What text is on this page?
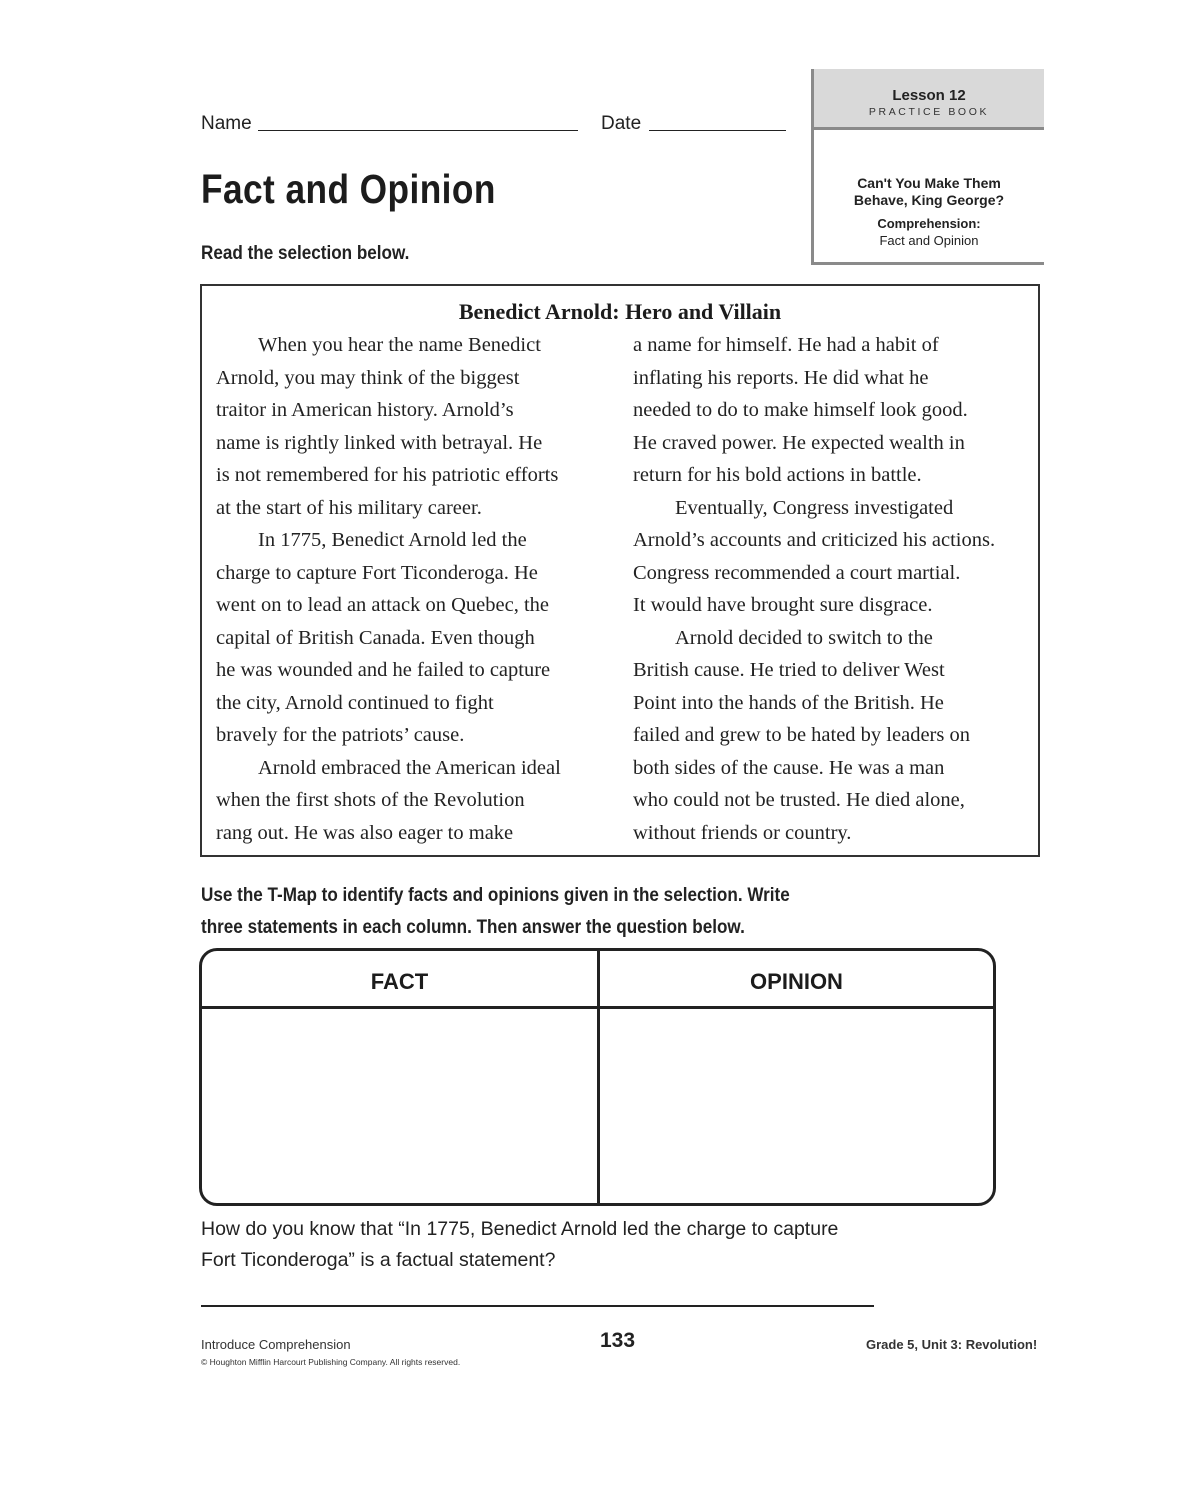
Name	Date
Lesson 12
PRACTICE BOOK
Can't You Make Them
Behave, King George?
Comprehension:
Fact and Opinion
Fact and Opinion
Read the selection below.
Benedict Arnold: Hero and Villain
When you hear the name Benedict
Arnold, you may think of the biggest
traitor in American history. Arnold’s
name is rightly linked with betrayal. He
is not remembered for his patriotic efforts
at the start of his military career.
In 1775, Benedict Arnold led the
charge to capture Fort Ticonderoga. He
went on to lead an attack on Quebec, the
capital of British Canada. Even though
he was wounded and he failed to capture
the city, Arnold continued to fight
bravely for the patriots’ cause.
Arnold embraced the American ideal
when the first shots of the Revolution
rang out. He was also eager to make
a name for himself. He had a habit of
inflating his reports. He did what he
needed to do to make himself look good.
He craved power. He expected wealth in
return for his bold actions in battle.
Eventually, Congress investigated
Arnold’s accounts and criticized his actions.
Congress recommended a court martial.
It would have brought sure disgrace.
Arnold decided to switch to the
British cause. He tried to deliver West
Point into the hands of the British. He
failed and grew to be hated by leaders on
both sides of the cause. He was a man
who could not be trusted. He died alone,
without friends or country.
Use the T-Map to identify facts and opinions given in the selection. Write
three statements in each column. Then answer the question below.
FACT	OPINION
How do you know that “In 1775, Benedict Arnold led the charge to capture
Fort Ticonderoga” is a factual statement?
Introduce Comprehension
© Houghton Mifflin Harcourt Publishing Company. All rights reserved.
133	Grade 5, Unit 3: Revolution!
